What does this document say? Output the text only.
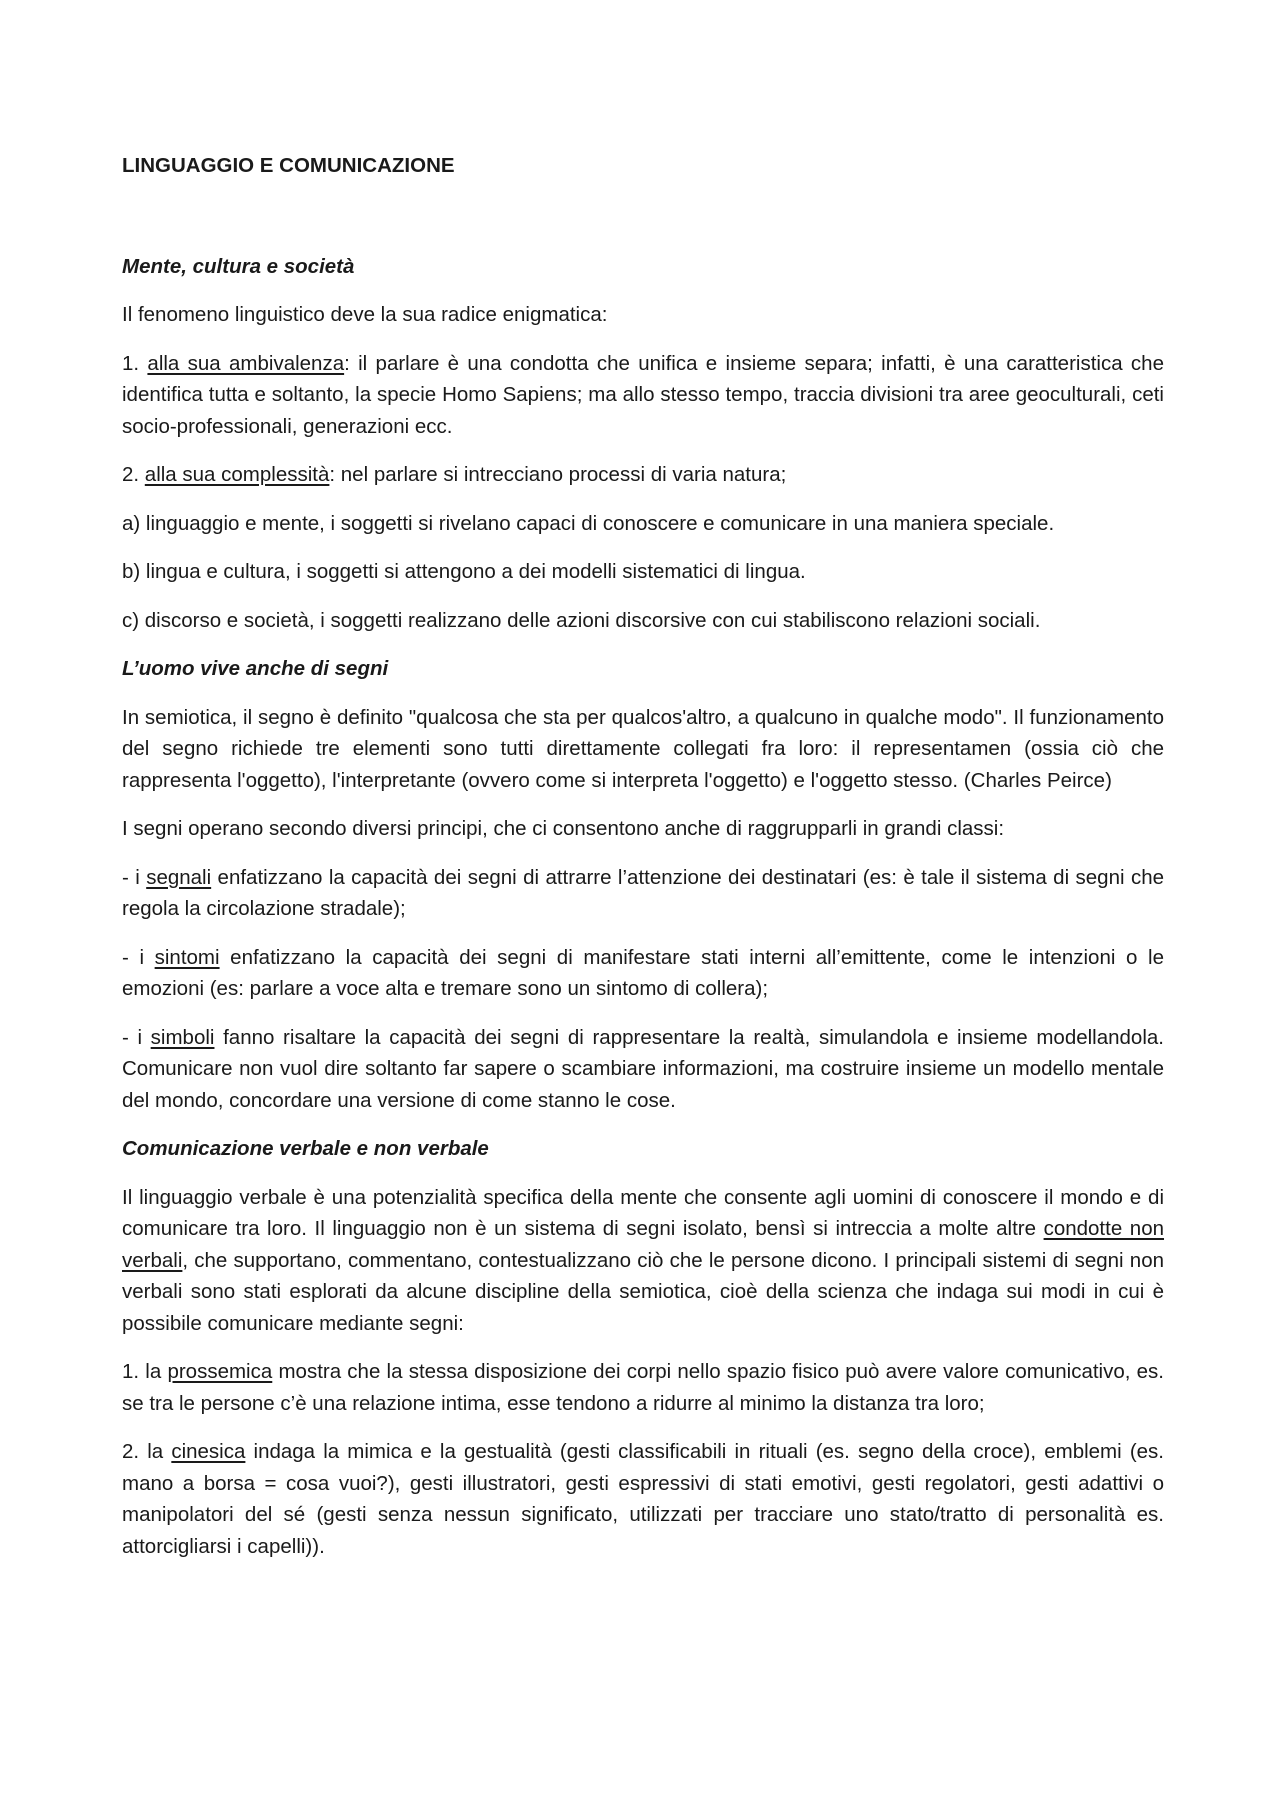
LINGUAGGIO E COMUNICAZIONE
Mente, cultura e società

Il fenomeno linguistico deve la sua radice enigmatica:

1. alla sua ambivalenza: il parlare è una condotta che unifica e insieme separa; infatti, è una caratteristica che identifica tutta e soltanto, la specie Homo Sapiens; ma allo stesso tempo, traccia divisioni tra aree geoculturali, ceti socio-professionali, generazioni ecc.

2. alla sua complessità: nel parlare si intrecciano processi di varia natura;

a) linguaggio e mente, i soggetti si rivelano capaci di conoscere e comunicare in una maniera speciale.

b) lingua e cultura, i soggetti si attengono a dei modelli sistematici di lingua.

c) discorso e società, i soggetti realizzano delle azioni discorsive con cui stabiliscono relazioni sociali.

L’uomo vive anche di segni

In semiotica, il segno è definito "qualcosa che sta per qualcos'altro, a qualcuno in qualche modo". Il funzionamento del segno richiede tre elementi sono tutti direttamente collegati fra loro: il representamen (ossia ciò che rappresenta l'oggetto), l'interpretante (ovvero come si interpreta l'oggetto) e l'oggetto stesso. (Charles Peirce)

I segni operano secondo diversi principi, che ci consentono anche di raggrupparli in grandi classi:

- i segnali enfatizzano la capacità dei segni di attrarre l’attenzione dei destinatari (es: è tale il sistema di segni che regola la circolazione stradale);

- i sintomi enfatizzano la capacità dei segni di manifestare stati interni all’emittente, come le intenzioni o le emozioni (es: parlare a voce alta e tremare sono un sintomo di collera);

- i simboli fanno risaltare la capacità dei segni di rappresentare la realtà, simulandola e insieme modellandola. Comunicare non vuol dire soltanto far sapere o scambiare informazioni, ma costruire insieme un modello mentale del mondo, concordare una versione di come stanno le cose.

Comunicazione verbale e non verbale

Il linguaggio verbale è una potenzialità specifica della mente che consente agli uomini di conoscere il mondo e di comunicare tra loro. Il linguaggio non è un sistema di segni isolato, bensì si intreccia a molte altre condotte non verbali, che supportano, commentano, contestualizzano ciò che le persone dicono. I principali sistemi di segni non verbali sono stati esplorati da alcune discipline della semiotica, cioè della scienza che indaga sui modi in cui è possibile comunicare mediante segni:

1. la prossemica mostra che la stessa disposizione dei corpi nello spazio fisico può avere valore comunicativo, es. se tra le persone c’è una relazione intima, esse tendono a ridurre al minimo la distanza tra loro;

2. la cinesica indaga la mimica e la gestualità (gesti classificabili in rituali (es. segno della croce), emblemi (es. mano a borsa = cosa vuoi?), gesti illustratori, gesti espressivi di stati emotivi, gesti regolatori, gesti adattivi o manipolatori del sé (gesti senza nessun significato, utilizzati per tracciare uno stato/tratto di personalità es. attorcigliarsi i capelli)).
